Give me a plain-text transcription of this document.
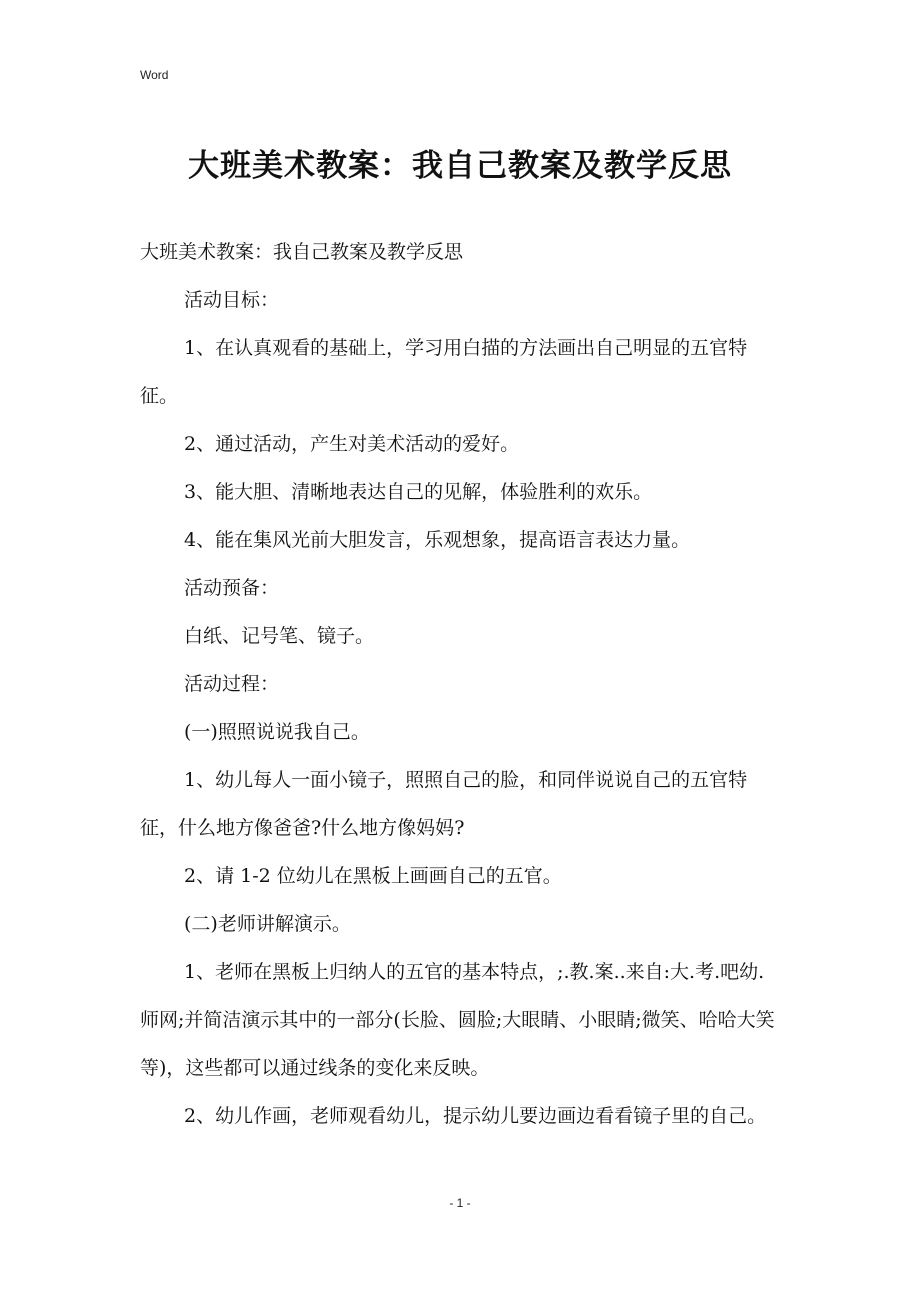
Word
大班美术教案：我自己教案及教学反思

大班美术教案：我自己教案及教学反思

活动目标：

1、在认真观看的基础上，学习用白描的方法画出自己明显的五官特征。

2、通过活动，产生对美术活动的爱好。

3、能大胆、清晰地表达自己的见解，体验胜利的欢乐。

4、能在集风光前大胆发言，乐观想象，提高语言表达力量。

活动预备：

白纸、记号笔、镜子。

活动过程：

(一)照照说说我自己。

1、幼儿每人一面小镜子，照照自己的脸，和同伴说说自己的五官特征，什么地方像爸爸?什么地方像妈妈?

2、请 1-2 位幼儿在黑板上画画自己的五官。

(二)老师讲解演示。

1、老师在黑板上归纳人的五官的基本特点，;.教.案..来自:大.考.吧幼.师网;并简洁演示其中的一部分(长脸、圆脸;大眼睛、小眼睛;微笑、哈哈大笑等)，这些都可以通过线条的变化来反映。

2、幼儿作画，老师观看幼儿，提示幼儿要边画边看看镜子里的自己。

- 1 -
